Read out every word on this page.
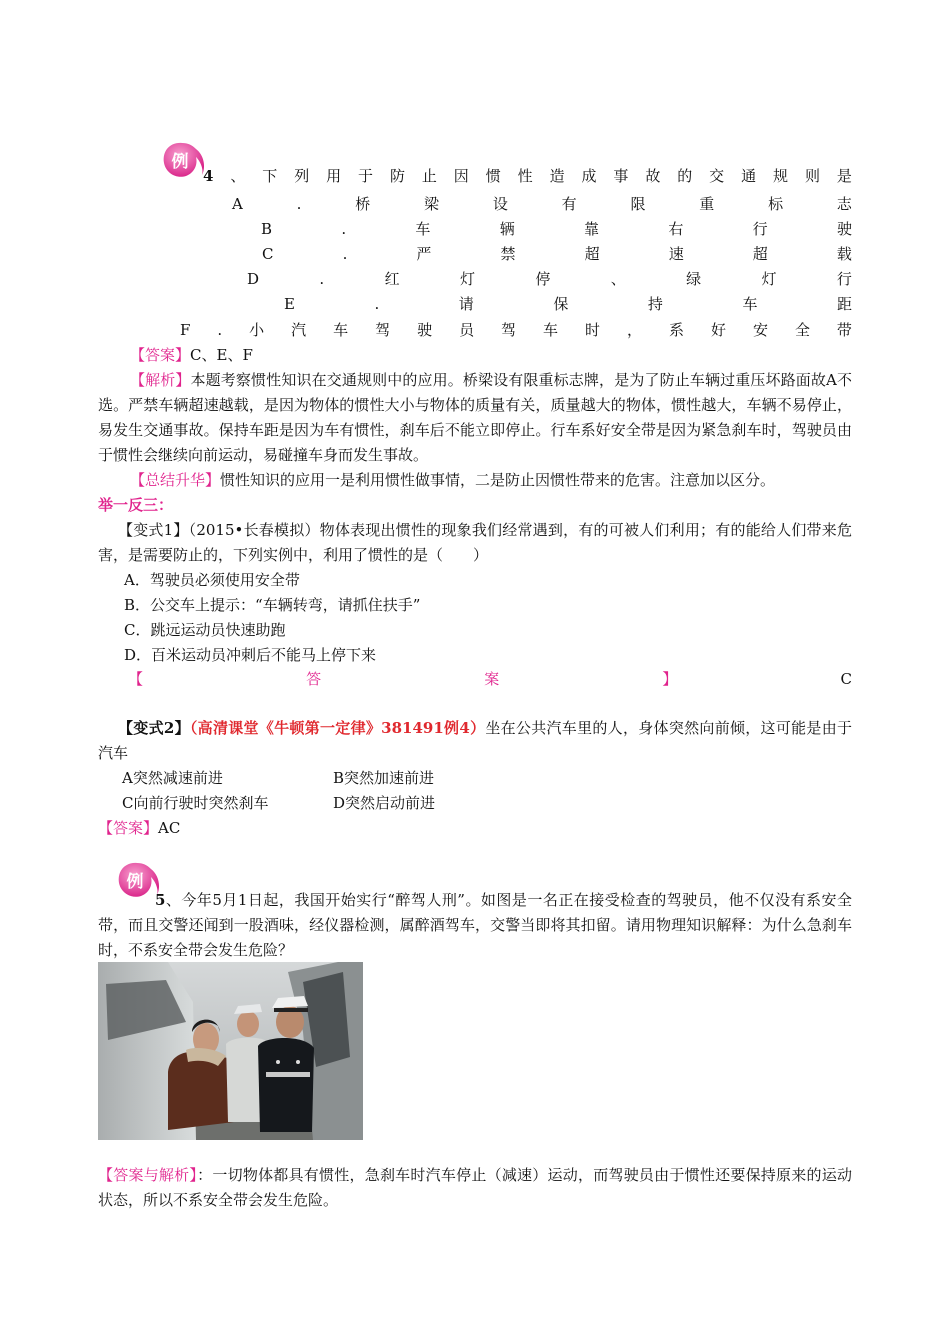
例
4 、 下 列 用 于 防 止 因 惯 性 造 成 事 故 的 交 通 规 则 是
A	.	桥	梁	设	有	限	重	标	志
B	.	车	辆	靠	右	行	驶
C	.	严	禁	超	速	超	载
D	.	红	灯	停	、	绿	灯	行
E	.	请	保	持	车	距
F . 小 汽 车 驾 驶 员 驾 车 时 ， 系 好 安 全 带
【答案】C、E、F
【解析】本题考察惯性知识在交通规则中的应用。桥梁设有限重标志牌，是为了防止车辆过重压坏路面故A不选。严禁车辆超速越载，是因为物体的惯性大小与物体的质量有关，质量越大的物体，惯性越大，车辆不易停止，易发生交通事故。保持车距是因为车有惯性，刹车后不能立即停止。行车系好安全带是因为紧急刹车时，驾驶员由于惯性会继续向前运动，易碰撞车身而发生事故。
【总结升华】惯性知识的应用一是利用惯性做事情，二是防止因惯性带来的危害。注意加以区分。
举一反三：
【变式1】（2015•长春模拟）物体表现出惯性的现象我们经常遇到，有的可被人们利用；有的能给人们带来危害，是需要防止的，下列实例中，利用了惯性的是（　　）
A．驾驶员必须使用安全带
B．公交车上提示：“车辆转弯，请抓住扶手”
C．跳远运动员快速助跑
D．百米运动员冲刺后不能马上停下来
【	答	案	】	C
【变式2】（高清课堂《牛顿第一定律》381491例4）坐在公共汽车里的人，身体突然向前倾，这可能是由于汽车
A突然减速前进	B突然加速前进
C向前行驶时突然刹车	D突然启动前进
【答案】AC
例
5、今年5月1日起，我国开始实行“醉驾人刑”。如图是一名正在接受检查的驾驶员，他不仅没有系安全带，而且交警还闻到一股酒味，经仪器检测，属醉酒驾车，交警当即将其扣留。请用物理知识解释：为什么急刹车时，不系安全带会发生危险？
【答案与解析】：一切物体都具有惯性，急刹车时汽车停止（减速）运动，而驾驶员由于惯性还要保持原来的运动状态，所以不系安全带会发生危险。
